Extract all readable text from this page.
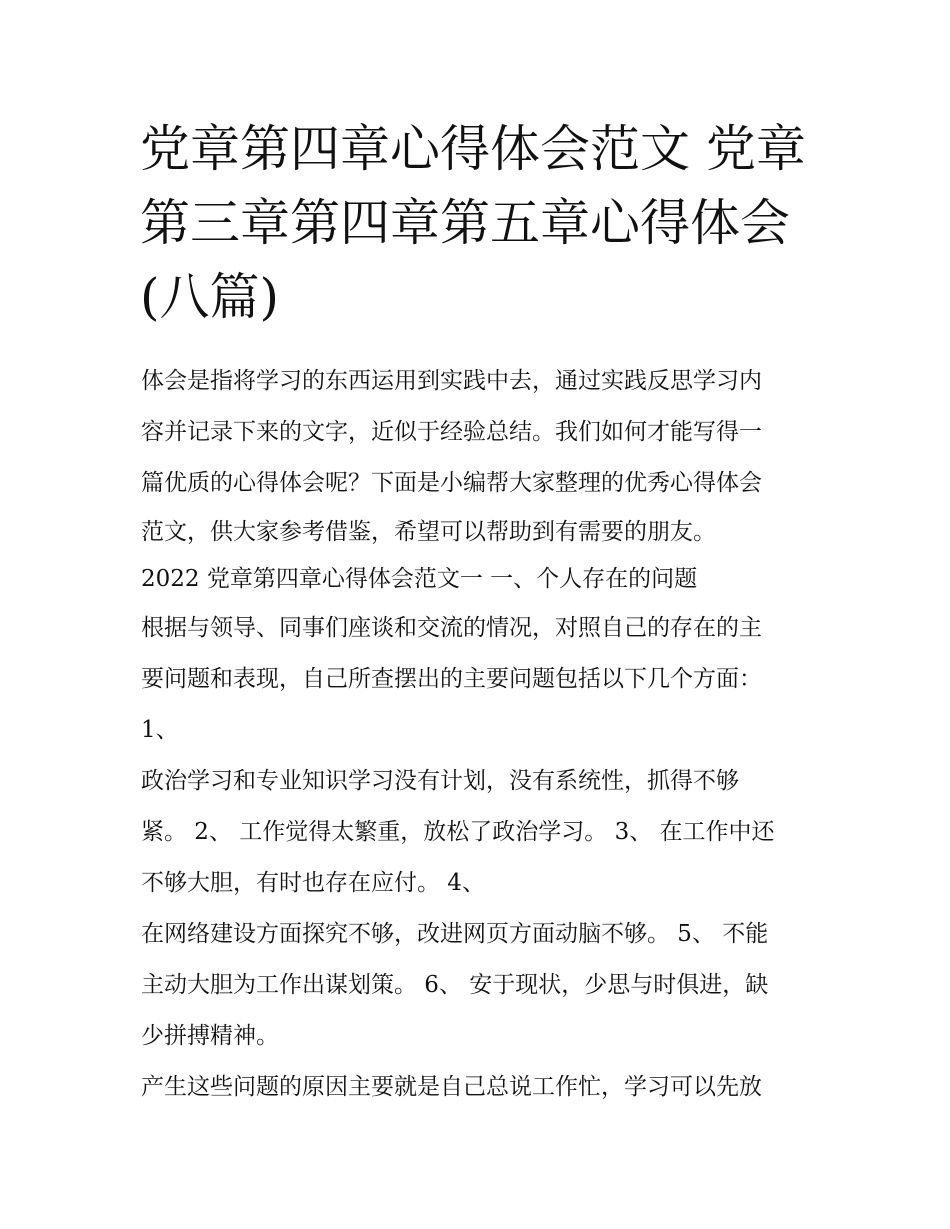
党章第四章心得体会范文 党章
第三章第四章第五章心得体会
(八篇)
体会是指将学习的东西运用到实践中去，通过实践反思学习内
容并记录下来的文字，近似于经验总结。我们如何才能写得一
篇优质的心得体会呢？下面是小编帮大家整理的优秀心得体会
范文，供大家参考借鉴，希望可以帮助到有需要的朋友。
2022 党章第四章心得体会范文一 一、个人存在的问题
根据与领导、同事们座谈和交流的情况，对照自己的存在的主
要问题和表现，自己所查摆出的主要问题包括以下几个方面：
1、
政治学习和专业知识学习没有计划，没有系统性，抓得不够
紧。 2、 工作觉得太繁重，放松了政治学习。 3、 在工作中还
不够大胆，有时也存在应付。 4、
在网络建设方面探究不够，改进网页方面动脑不够。 5、 不能
主动大胆为工作出谋划策。 6、 安于现状，少思与时俱进，缺
少拼搏精神。
产生这些问题的原因主要就是自己总说工作忙，学习可以先放
